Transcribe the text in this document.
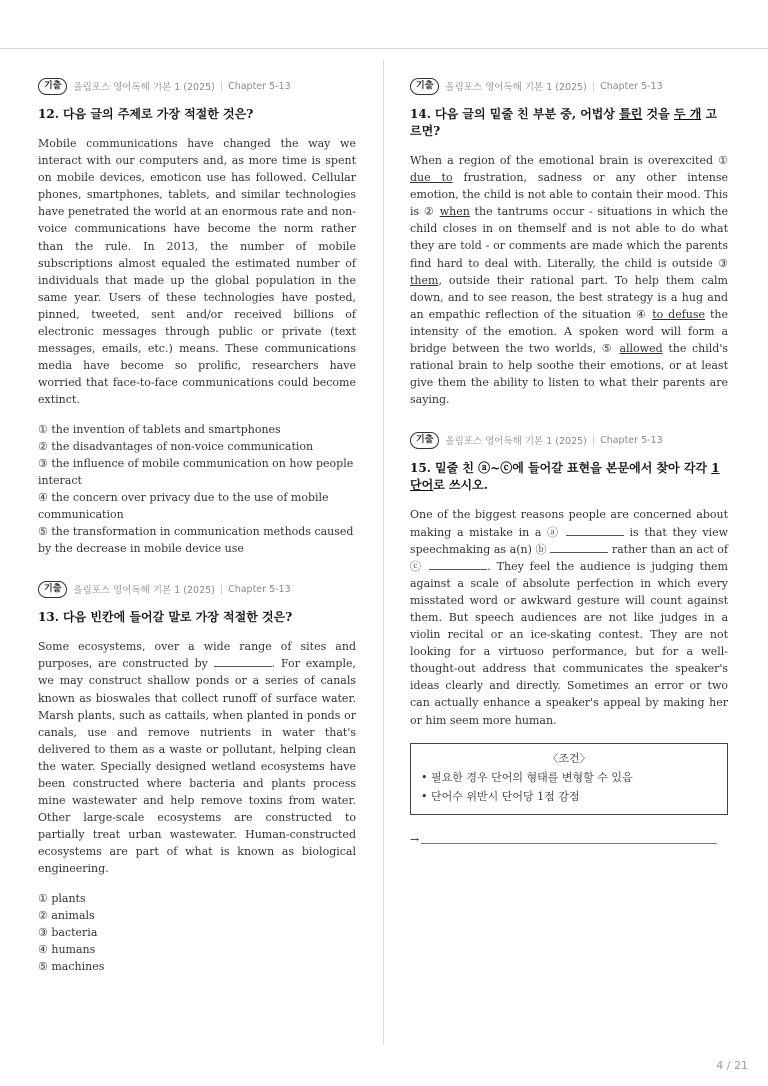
기출	올림포스 영어독해 기본 1 (2025) | Chapter 5-13
12. 다음 글의 주제로 가장 적절한 것은?

Mobile communications have changed the way we interact with our computers and, as more time is spent on mobile devices, emoticon use has followed. Cellular phones, smartphones, tablets, and similar technologies have penetrated the world at an enormous rate and non-voice communications have become the norm rather than the rule. In 2013, the number of mobile subscriptions almost equaled the estimated number of individuals that made up the global population in the same year. Users of these technologies have posted, pinned, tweeted, sent and/or received billions of electronic messages through public or private (text messages, emails, etc.) means. These communications media have become so prolific, researchers have worried that face-to-face communications could become extinct.

① the invention of tablets and smartphones
② the disadvantages of non-voice communication
③ the influence of mobile communication on how people interact
④ the concern over privacy due to the use of mobile communication
⑤ the transformation in communication methods caused by the decrease in mobile device use
기출	올림포스 영어독해 기본 1 (2025) | Chapter 5-13
13. 다음 빈칸에 들어갈 말로 가장 적절한 것은?

Some ecosystems, over a wide range of sites and purposes, are constructed by	. For example, we may construct shallow ponds or a series of canals known as bioswales that collect runoff of surface water. Marsh plants, such as cattails, when planted in ponds or canals, use and remove nutrients in water that's delivered to them as a waste or pollutant, helping clean the water. Specially designed wetland ecosystems have been constructed where bacteria and plants process mine wastewater and help remove toxins from water. Other large-scale ecosystems are constructed to partially treat urban wastewater. Human-constructed ecosystems are part of what is known as biological engineering.

① plants
② animals
③ bacteria
④ humans
⑤ machines
기출	올림포스 영어독해 기본 1 (2025) | Chapter 5-13
14. 다음 글의 밑줄 친 부분 중, 어법상 틀린 것을 두 개 고르면?

When a region of the emotional brain is overexcited ① due to frustration, sadness or any other intense emotion, the child is not able to contain their mood. This is ② when the tantrums occur - situations in which the child closes in on themself and is not able to do what they are told - or comments are made which the parents find hard to deal with. Literally, the child is outside ③ them, outside their rational part. To help them calm down, and to see reason, the best strategy is a hug and an empathic reflection of the situation ④ to defuse the intensity of the emotion. A spoken word will form a bridge between the two worlds, ⑤ allowed the child's rational brain to help soothe their emotions, or at least give them the ability to listen to what their parents are saying.

기출	올림포스 영어독해 기본 1 (2025) | Chapter 5-13
15. 밑줄 친 ⓐ~ⓒ에 들어갈 표현을 본문에서 찾아 각각 1단어로 쓰시오.

One of the biggest reasons people are concerned about making a mistake in a ⓐ	is that they view speechmaking as a(n) ⓑ	rather than an act of ⓒ	. They feel the audience is judging them against a scale of absolute perfection in which every misstated word or awkward gesture will count against them. But speech audiences are not like judges in a violin recital or an ice-skating contest. They are not looking for a virtuoso performance, but for a well-thought-out address that communicates the speaker's ideas clearly and directly. Sometimes an error or two can actually enhance a speaker's appeal by making her or him seem more human.

〈조건〉
• 필요한 경우 단어의 형태를 변형할 수 있음
• 단어수 위반시 단어당 1점 감점
→
4 / 21
